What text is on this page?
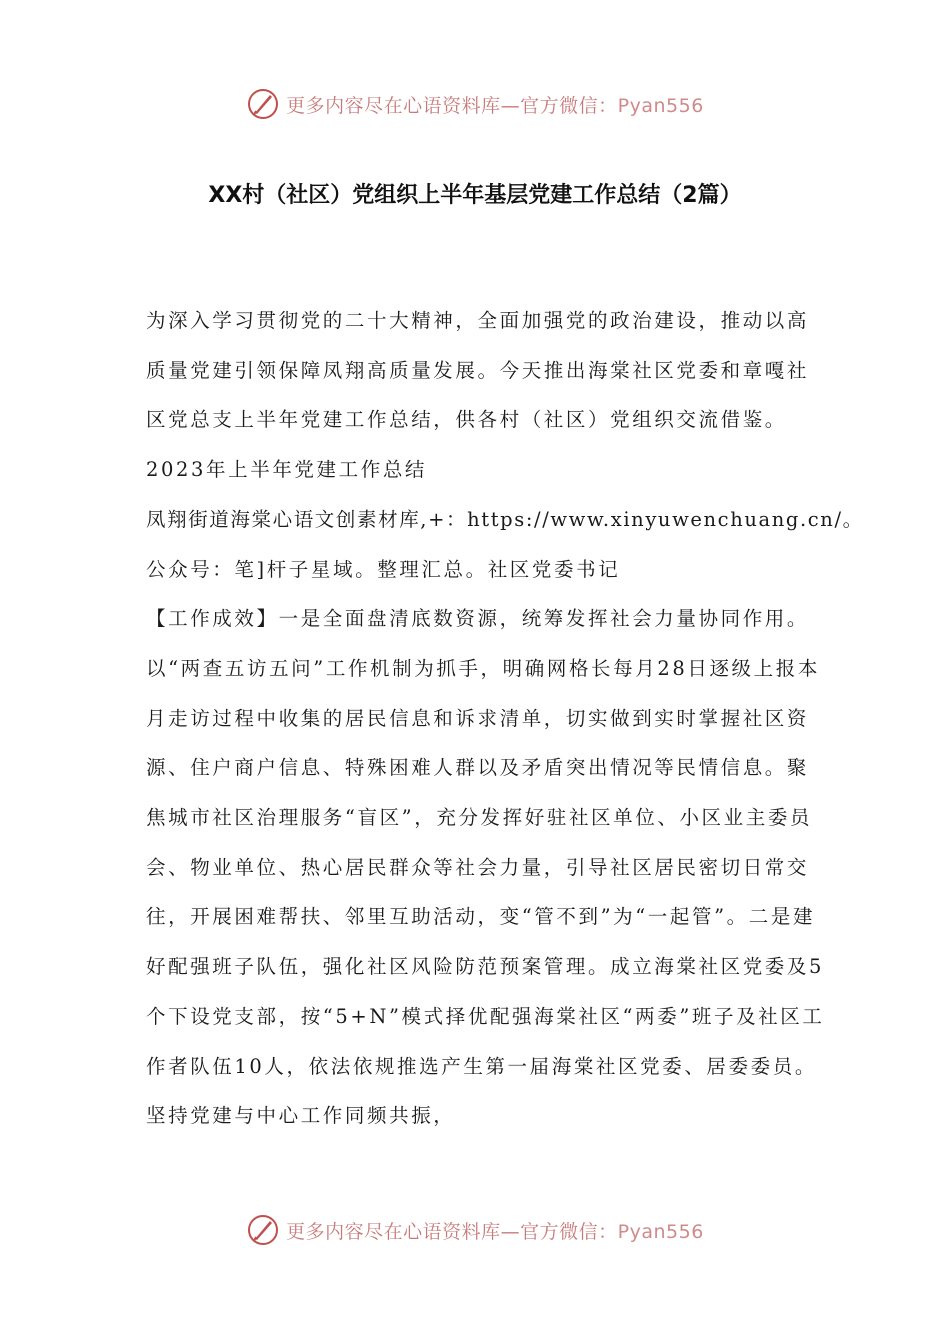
更多内容尽在心语资料库—官方微信：Pyan556
XX村（社区）党组织上半年基层党建工作总结（2篇）

为深入学习贯彻党的二十大精神，全面加强党的政治建设，推动以高质量党建引领保障凤翔高质量发展。今天推出海棠社区党委和章嘎社区党总支上半年党建工作总结，供各村（社区）党组织交流借鉴。

2023年上半年党建工作总结

凤翔街道海棠心语文创素材库,+：https://www.xinyuwenchuang.cn/。

公众号：笔]杆子星域。整理汇总。社区党委书记

【工作成效】一是全面盘清底数资源，统筹发挥社会力量协同作用。以“两查五访五问”工作机制为抓手，明确网格长每月28日逐级上报本月走访过程中收集的居民信息和诉求清单，切实做到实时掌握社区资源、住户商户信息、特殊困难人群以及矛盾突出情况等民情信息。聚焦城市社区治理服务“盲区”，充分发挥好驻社区单位、小区业主委员会、物业单位、热心居民群众等社会力量，引导社区居民密切日常交往，开展困难帮扶、邻里互助活动，变“管不到”为“一起管”。二是建好配强班子队伍，强化社区风险防范预案管理。成立海棠社区党委及5个下设党支部，按“5+N”模式择优配强海棠社区“两委”班子及社区工作者队伍10人，依法依规推选产生第一届海棠社区党委、居委委员。坚持党建与中心工作同频共振，

更多内容尽在心语资料库—官方微信：Pyan556
